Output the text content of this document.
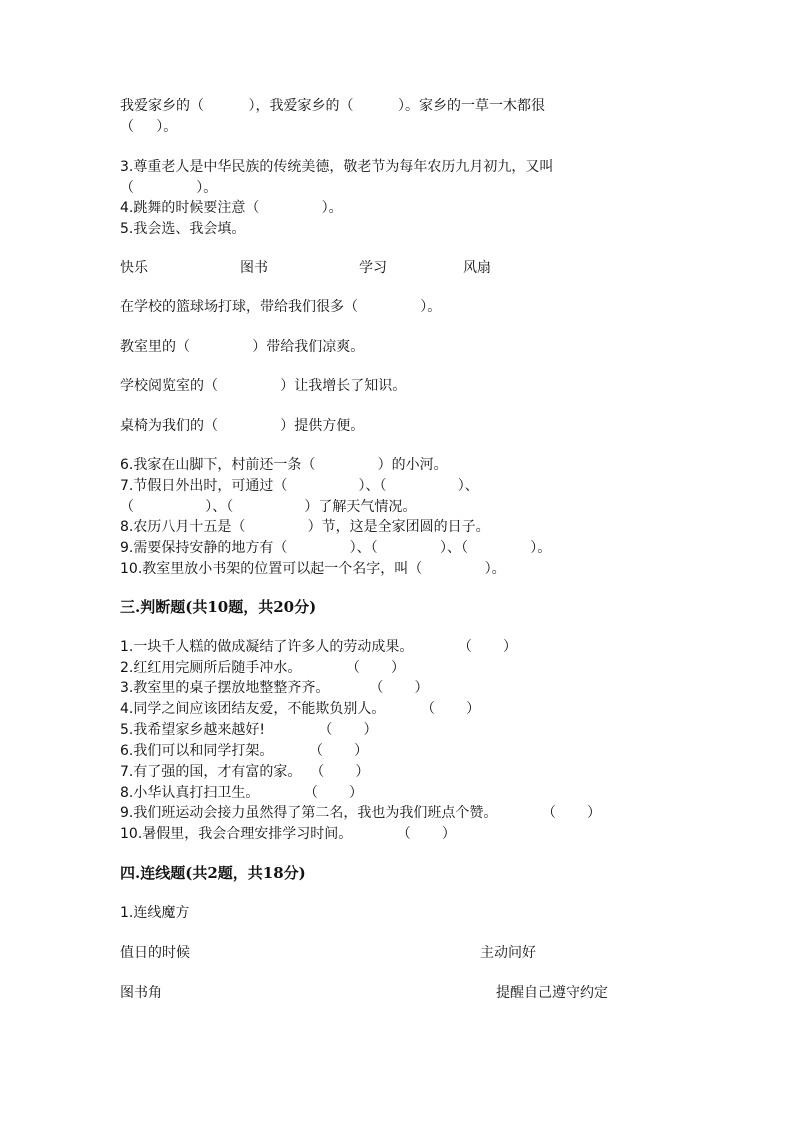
我爱家乡的（          ），我爱家乡的（          ）。家乡的一草一木都很
（     ）。
3.尊重老人是中华民族的传统美德，敬老节为每年农历九月初九，又叫
（              ）。
4.跳舞的时候要注意（              ）。
5.我会选、我会填。
快乐	图书	学习	风扇
在学校的篮球场打球，带给我们很多（              ）。
教室里的（              ）带给我们凉爽。
学校阅览室的（              ）让我增长了知识。
桌椅为我们的（              ）提供方便。
6.我家在山脚下，村前还一条（              ）的小河。
7.节假日外出时，可通过（                ）、（                ）、
（                ）、（                ）了解天气情况。
8.农历八月十五是（              ）节，这是全家团圆的日子。
9.需要保持安静的地方有（              ）、（              ）、（              ）。
10.教室里放小书架的位置可以起一个名字，叫（              ）。
三.判断题(共10题，共20分)
1.一块千人糕的做成凝结了许多人的劳动成果。          （       ）
2.红红用完厕所后随手冲水。          （       ）
3.教室里的桌子摆放地整整齐齐。         （       ）
4.同学之间应该团结友爱，不能欺负别人。        （       ）
5.我希望家乡越来越好!            （       ）
6.我们可以和同学打架。        （       ）
7.有了强的国，才有富的家。  （       ）
8.小华认真打扫卫生。          （       ）
9.我们班运动会接力虽然得了第二名，我也为我们班点个赞。          （       ）
10.暑假里，我会合理安排学习时间。          （       ）
四.连线题(共2题，共18分)
1.连线魔方
值日的时候	主动问好
图书角	提醒自己遵守约定
